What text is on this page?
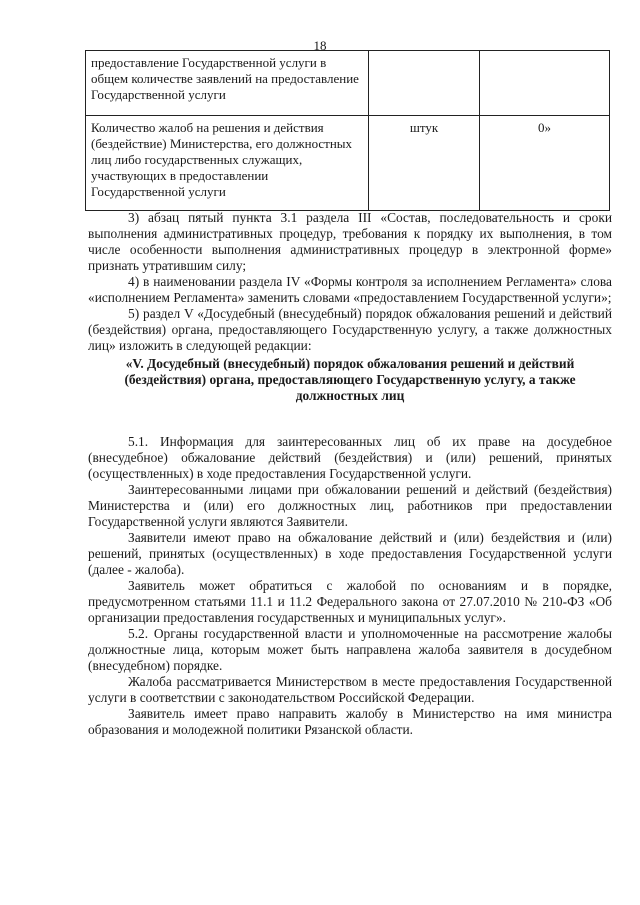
18
предоставление Государственной услуги в общем количестве заявлений на предоставление Государственной услуги		
Количество жалоб на решения и действия (бездействие) Министерства, его должностных лиц либо государственных служащих, участвующих в предоставлении Государственной услуги	штук	0»

3) абзац пятый пункта 3.1 раздела III «Состав, последовательность и сроки выполнения административных процедур, требования к порядку их выполнения, в том числе особенности выполнения административных процедур в электронной форме» признать утратившим силу;

4) в наименовании раздела IV «Формы контроля за исполнением Регламента» слова «исполнением Регламента» заменить словами «предоставлением Государственной услуги»;

5) раздел V «Досудебный (внесудебный) порядок обжалования решений и действий (бездействия) органа, предоставляющего Государственную услугу, а также должностных лиц» изложить в следующей редакции:

«V. Досудебный (внесудебный) порядок обжалования решений и действий (бездействия) органа, предоставляющего Государственную услугу, а также должностных лиц

5.1. Информация для заинтересованных лиц об их праве на досудебное (внесудебное) обжалование действий (бездействия) и (или) решений, принятых (осуществленных) в ходе предоставления Государственной услуги.

Заинтересованными лицами при обжаловании решений и действий (бездействия) Министерства и (или) его должностных лиц, работников при предоставлении Государственной услуги являются Заявители.

Заявители имеют право на обжалование действий и (или) бездействия и (или) решений, принятых (осуществленных) в ходе предоставления Государственной услуги (далее - жалоба).

Заявитель может обратиться с жалобой по основаниям и в порядке, предусмотренном статьями 11.1 и 11.2 Федерального закона от 27.07.2010 № 210-ФЗ «Об организации предоставления государственных и муниципальных услуг».

5.2. Органы государственной власти и уполномоченные на рассмотрение жалобы должностные лица, которым может быть направлена жалоба заявителя в досудебном (внесудебном) порядке.

Жалоба рассматривается Министерством в месте предоставления Государственной услуги в соответствии с законодательством Российской Федерации.

Заявитель имеет право направить жалобу в Министерство на имя министра образования и молодежной политики Рязанской области.
